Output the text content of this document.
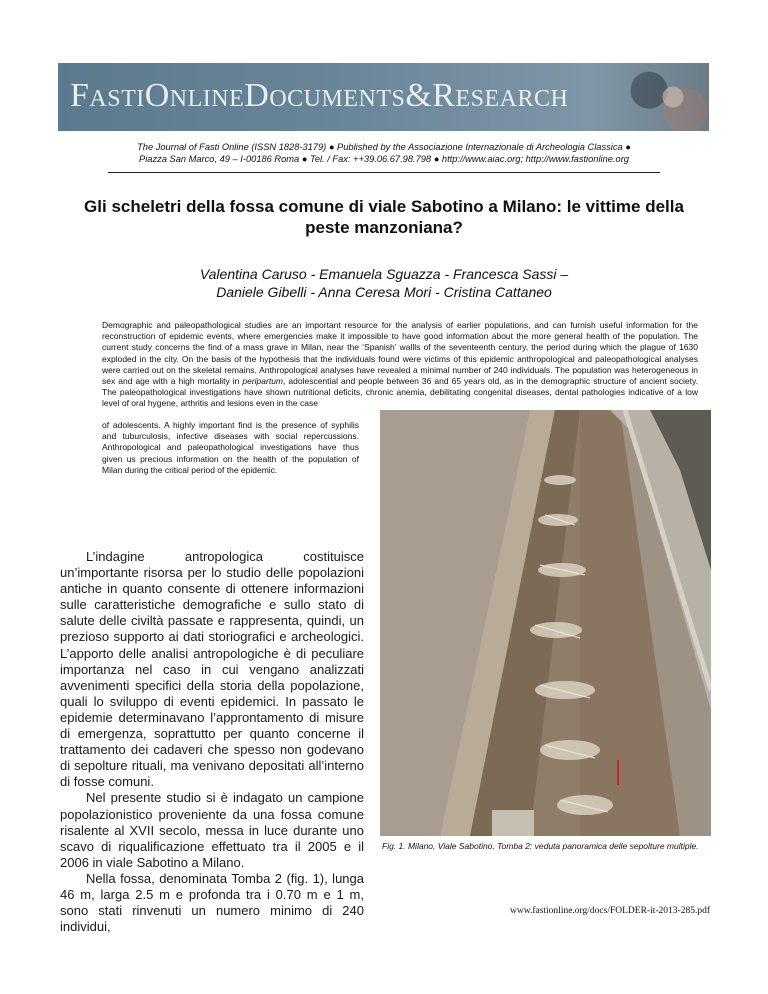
FastiOnlineDocuments&Research
The Journal of Fasti Online (ISSN 1828-3179) ● Published by the Associazione Internazionale di Archeologia Classica ●
Piazza San Marco, 49 – I-00186 Roma ● Tel. / Fax: ++39.06.67.98.798 ● http://www.aiac.org; http://www.fastionline.org
Gli scheletri della fossa comune di viale Sabotino a Milano: le vittime della
peste manzoniana?
Valentina Caruso - Emanuela Sguazza - Francesca Sassi –
Daniele Gibelli - Anna Ceresa Mori - Cristina Cattaneo
Demographic and paleopathological studies are an important resource for the analysis of earlier populations, and can furnish useful information for the reconstruction of epidemic events, where emergencies make it impossible to have good information about the more general health of the population. The current study concerns the find of a mass grave in Milan, near the ‘Spanish’ wallls of the seventeenth century, the period during which the plague of 1630 exploded in the city. On the basis of the hypothesis that the individuals found were victims of this epidemic anthropological and paleopathological analyses were carried out on the skeletal remains. Anthropological analyses have revealed a minimal number of 240 individuals. The population was heterogeneous in sex and age with a high mortality in peripartum, adolescential and people between 36 and 65 years old, as in the demographic structure of ancient society. The paleopathological investigations have shown nutritional deficits, chronic anemia, debilitating congenital diseases, dental pathologies indicative of a low level of oral hygene, arthritis and lesions even in the case
of adolescents. A highly important find is the presence of syphilis and tuburculosis, infective diseases with social repercussions. Anthropological and paleopathological investigations have thus given us precious information on the health of the population of Milan during the critical period of the epidemic.

L’indagine antropologica costituisce un’importante risorsa per lo studio delle popolazioni antiche in quanto consente di ottenere informazioni sulle caratteristiche demografiche e sullo stato di salute delle civiltà passate e rappresenta, quindi, un prezioso supporto ai dati storiografici e archeologici. L’apporto delle analisi antropologiche è di peculiare importanza nel caso in cui vengano analizzati avvenimenti specifici della storia della popolazione, quali lo sviluppo di eventi epidemici. In passato le epidemie determinavano l’approntamento di misure di emergenza, soprattutto per quanto concerne il trattamento dei cadaveri che spesso non godevano di sepolture rituali, ma venivano depositati all’interno di fosse comuni.

Nel presente studio si è indagato un campione popolazionistico proveniente da una fossa comune risalente al XVII secolo, messa in luce durante uno scavo di riqualificazione effettuato tra il 2005 e il 2006 in viale Sabotino a Milano.

Nella fossa, denominata Tomba 2 (fig. 1), lunga 46 m, larga 2.5 m e profonda tra i 0.70 m e 1 m, sono stati rinvenuti un numero minimo di 240 individui,

Fig. 1. Milano, Viale Sabotino, Tomba 2: veduta panoramica delle sepolture multiple.
www.fastionline.org/docs/FOLDER-it-2013-285.pdf
